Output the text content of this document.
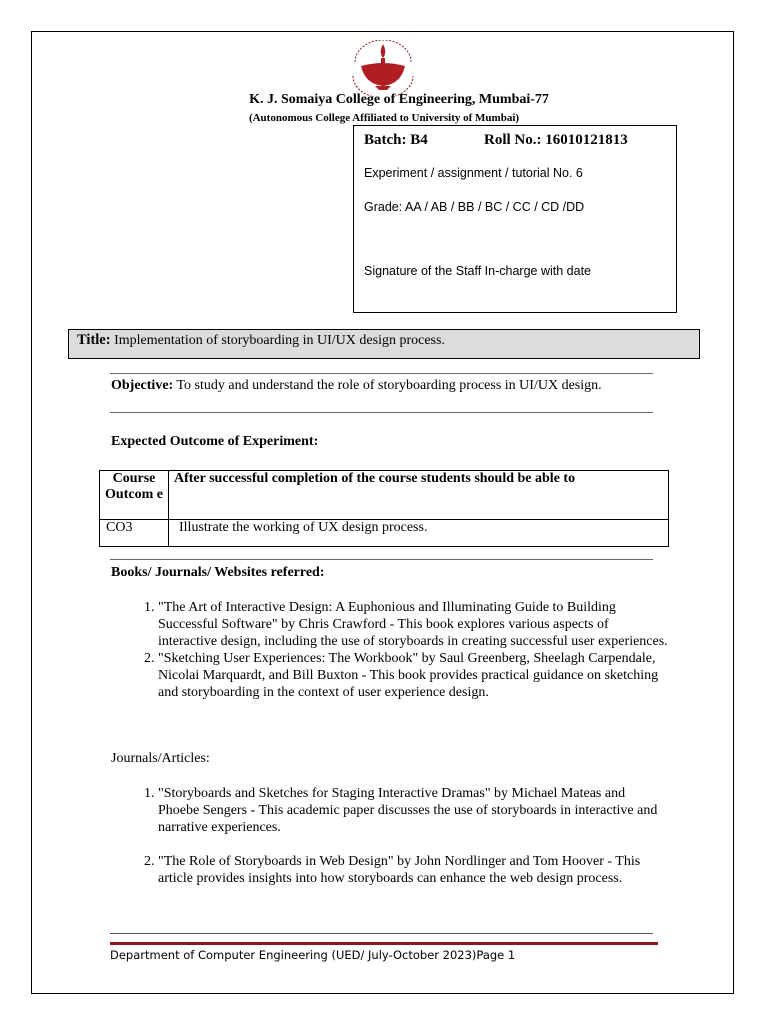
K. J. Somaiya College of Engineering, Mumbai-77
(Autonomous College Affiliated to University of Mumbai)
Batch: B4	Roll No.: 16010121813
Experiment / assignment / tutorial No. 6
Grade: AA / AB / BB / BC / CC / CD /DD
Signature of the Staff In-charge with date
Title: Implementation of storyboarding in UI/UX design process.
Objective: To study and understand the role of storyboarding process in UI/UX design.
Expected Outcome of Experiment:
Course Outcom e	After successful completion of the course students should be able to
CO3	Illustrate the working of UX design process.
Books/ Journals/ Websites referred:
1. "The Art of Interactive Design: A Euphonious and Illuminating Guide to Building Successful Software" by Chris Crawford - This book explores various aspects of interactive design, including the use of storyboards in creating successful user experiences.
2. "Sketching User Experiences: The Workbook" by Saul Greenberg, Sheelagh Carpendale, Nicolai Marquardt, and Bill Buxton - This book provides practical guidance on sketching and storyboarding in the context of user experience design.
Journals/Articles:
1. "Storyboards and Sketches for Staging Interactive Dramas" by Michael Mateas and Phoebe Sengers - This academic paper discusses the use of storyboards in interactive and narrative experiences.
2. "The Role of Storyboards in Web Design" by John Nordlinger and Tom Hoover - This article provides insights into how storyboards can enhance the web design process.
Department of Computer Engineering (UED/ July-October 2023)Page 1
